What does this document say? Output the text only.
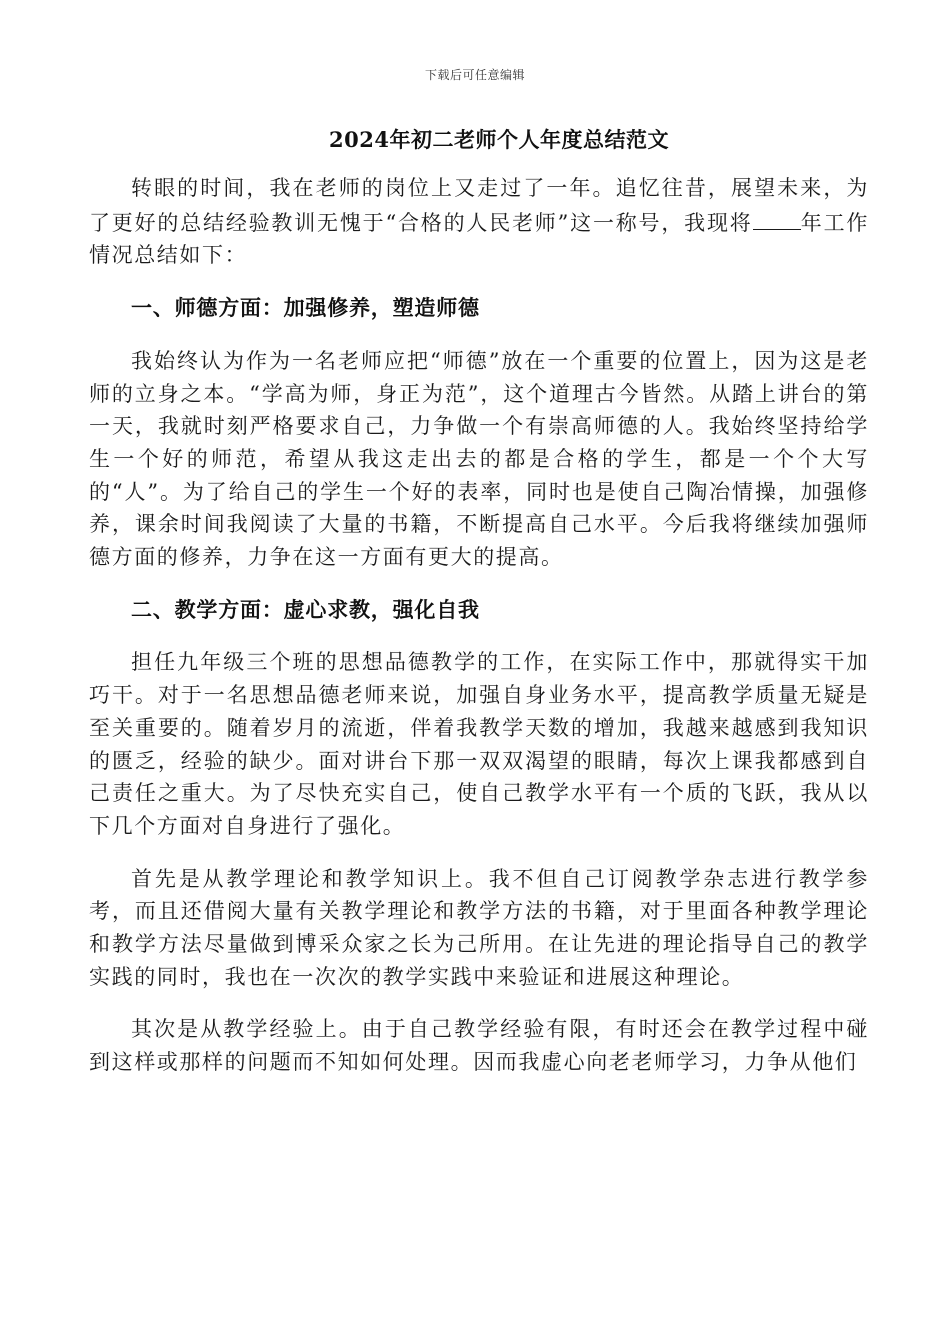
下载后可任意编辑
2024年初二老师个人年度总结范文

转眼的时间，我在老师的岗位上又走过了一年。追忆往昔，展望未来，为了更好的总结经验教训无愧于“合格的人民老师”这一称号，我现将 年工作情况总结如下：

一、师德方面：加强修养，塑造师德

我始终认为作为一名老师应把“师德”放在一个重要的位置上，因为这是老师的立身之本。“学高为师，身正为范”，这个道理古今皆然。从踏上讲台的第一天，我就时刻严格要求自己，力争做一个有崇高师德的人。我始终坚持给学生一个好的师范，希望从我这走出去的都是合格的学生，都是一个个大写的“人”。为了给自己的学生一个好的表率，同时也是使自己陶冶情操，加强修养，课余时间我阅读了大量的书籍，不断提高自己水平。今后我将继续加强师德方面的修养，力争在这一方面有更大的提高。

二、教学方面：虚心求教，强化自我

担任九年级三个班的思想品德教学的工作，在实际工作中，那就得实干加巧干。对于一名思想品德老师来说，加强自身业务水平，提高教学质量无疑是至关重要的。随着岁月的流逝，伴着我教学天数的增加，我越来越感到我知识的匮乏，经验的缺少。面对讲台下那一双双渴望的眼睛，每次上课我都感到自己责任之重大。为了尽快充实自己，使自己教学水平有一个质的飞跃，我从以下几个方面对自身进行了强化。

首先是从教学理论和教学知识上。我不但自己订阅教学杂志进行教学参考，而且还借阅大量有关教学理论和教学方法的书籍，对于里面各种教学理论和教学方法尽量做到博采众家之长为己所用。在让先进的理论指导自己的教学实践的同时，我也在一次次的教学实践中来验证和进展这种理论。

其次是从教学经验上。由于自己教学经验有限，有时还会在教学过程中碰到这样或那样的问题而不知如何处理。因而我虚心向老老师学习，力争从他们
